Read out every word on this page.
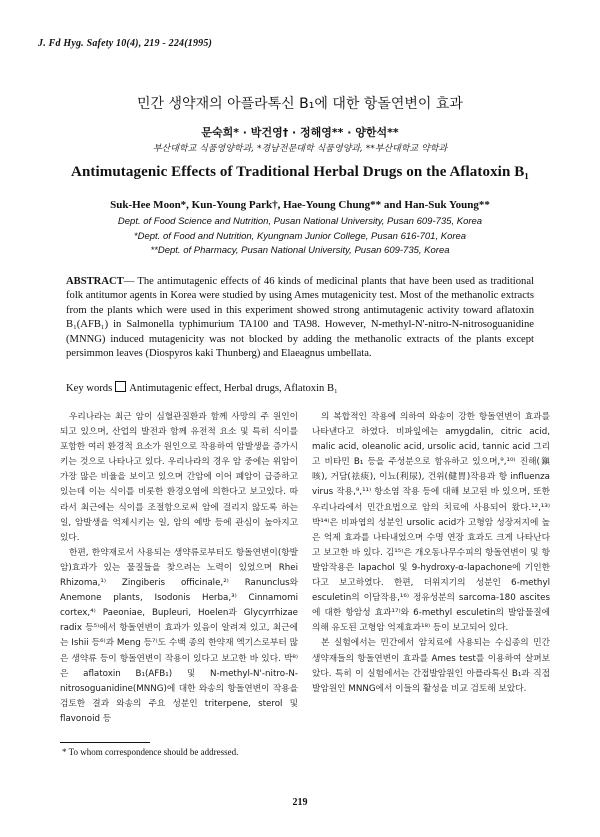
J. Fd Hyg. Safety 10(4), 219 - 224(1995)
민간 생약재의 아플라톡신 B₁에 대한 항돌연변이 효과
문숙희* · 박건영† · 정해영** · 양한석**
부산대학교 식품영양학과, *경남전문대학 식품영양과, **부산대학교 약학과
Antimutagenic Effects of Traditional Herbal Drugs on the Aflatoxin B₁
Suk-Hee Moon*, Kun-Young Park†, Hae-Young Chung** and Han-Suk Young**
Dept. of Food Science and Nutrition, Pusan National University, Pusan 609-735, Korea
*Dept. of Food and Nutrition, Kyungnam Junior College, Pusan 616-701, Korea
**Dept. of Pharmacy, Pusan National University, Pusan 609-735, Korea
ABSTRACT— The antimutagenic effects of 46 kinds of medicinal plants that have been used as traditional folk antitumor agents in Korea were studied by using Ames mutagenicity test. Most of the methanolic extracts from the plants which were used in this experiment showed strong antimutagenic activity toward aflatoxin B₁(AFB₁) in Salmonella typhimurium TA100 and TA98. However, N-methyl-N'-nitro-N-nitrosoguanidine (MNNG) induced mutagenicity was not blocked by adding the methanolic extracts of the plants except persimmon leaves (Diospyros kaki Thunberg) and Elaeagnus umbellata.
Key words Antimutagenic effect, Herbal drugs, Aflatoxin B₁

우리나라는 최근 암이 심혈관질환과 함께 사망의 주 원인이 되고 있으며, 산업의 발전과 함께 유전적 요소 및 특히 식이를 포함한 여러 환경적 요소가 원인으로 작용하여 암발생을 증가시키는 것으로 나타나고 있다. 우리나라의 경우 암 중에는 위암이 가장 많은 비율을 보이고 있으며 간암에 이어 폐암이 급증하고 있는데 이는 식이를 비롯한 환경오염에 의한다고 보고있다. 따라서 최근에는 식이를 조절함으로써 암에 걸리지 않도록 하는 일, 암발생을 억제시키는 일, 암의 예방 등에 관심이 높아지고 있다.

한편, 한약재로서 사용되는 생약류로부터도 항돌연변이(항발암)효과가 있는 물질들을 찾으려는 노력이 있었으며 Rhei Rhizoma,¹⁾ Zingiberis officinale,²⁾ Ranunclus와 Anemone plants, Isodonis Herba,³⁾ Cinnamomi cortex,⁴⁾ Paeoniae, Bupleuri, Hoelen과 Glycyrrhizae radix 등⁵⁾에서 항돌연변이 효과가 있음이 알려져 있고, 최근에는 Ishii 등⁶⁾과 Meng 등⁷⁾도 수백 종의 한약재 엑기스로부터 많은 생약류 등이 항돌연변이 작용이 있다고 보고한 바 있다. 박⁸⁾은 aflatoxin B₁(AFB₁) 및 N-methyl-N'-nitro-N-nitrosoguanidine(MNNG)에 대한 와송의 항돌연변이 작용을 검토한 결과 와송의 주요 성분인 triterpene, sterol 및 flavonoid 등

의 복합적인 작용에 의하여 와송이 강한 항돌연변이 효과를 나타낸다고 하였다. 비파잎에는 amygdalin, citric acid, malic acid, oleanolic acid, ursolic acid, tannic acid 그리고 비타민 B₁ 등을 주성분으로 함유하고 있으며,⁹,¹⁰⁾ 진해(鎭咳), 거담(祛痰), 이뇨(利尿), 건위(健胃)작용과 항 influenza virus 작용,⁹,¹¹⁾ 항소염 작용 등에 대해 보고된 바 있으며, 또한 우리나라에서 민간요법으로 암의 치료에 사용되어 왔다.¹²,¹³⁾ 박¹⁴⁾은 비파엽의 성분인 ursolic acid가 고형암 성장저지에 높은 억제 효과를 나타내었으며 수명 연장 효과도 크게 나타난다고 보고한 바 있다. 김¹⁵⁾은 개오동나무수피의 항돌연변이 및 항발암작용은 lapachol 및 9-hydroxy-α-lapachone에 기인한다고 보고하였다. 한편, 더위지기의 성분인 6-methyl esculetin의 이담작용,¹⁶⁾ 정유성분의 sarcoma-180 ascites에 대한 항암성 효과¹⁷⁾와 6-methyl esculetin의 발암물질에 의해 유도된 고형암 억제효과¹⁸⁾ 등이 보고되어 있다.

본 실험에서는 민간에서 암치료에 사용되는 수십종의 민간 생약재들의 항돌연변이 효과를 Ames test를 이용하여 살펴보았다. 특히 이 실험에서는 간접발암원인 아플라톡신 B₁과 직접발암원인 MNNG에서 이들의 활성을 비교 검토해 보았다.

* To whom correspondence should be addressed.
219
